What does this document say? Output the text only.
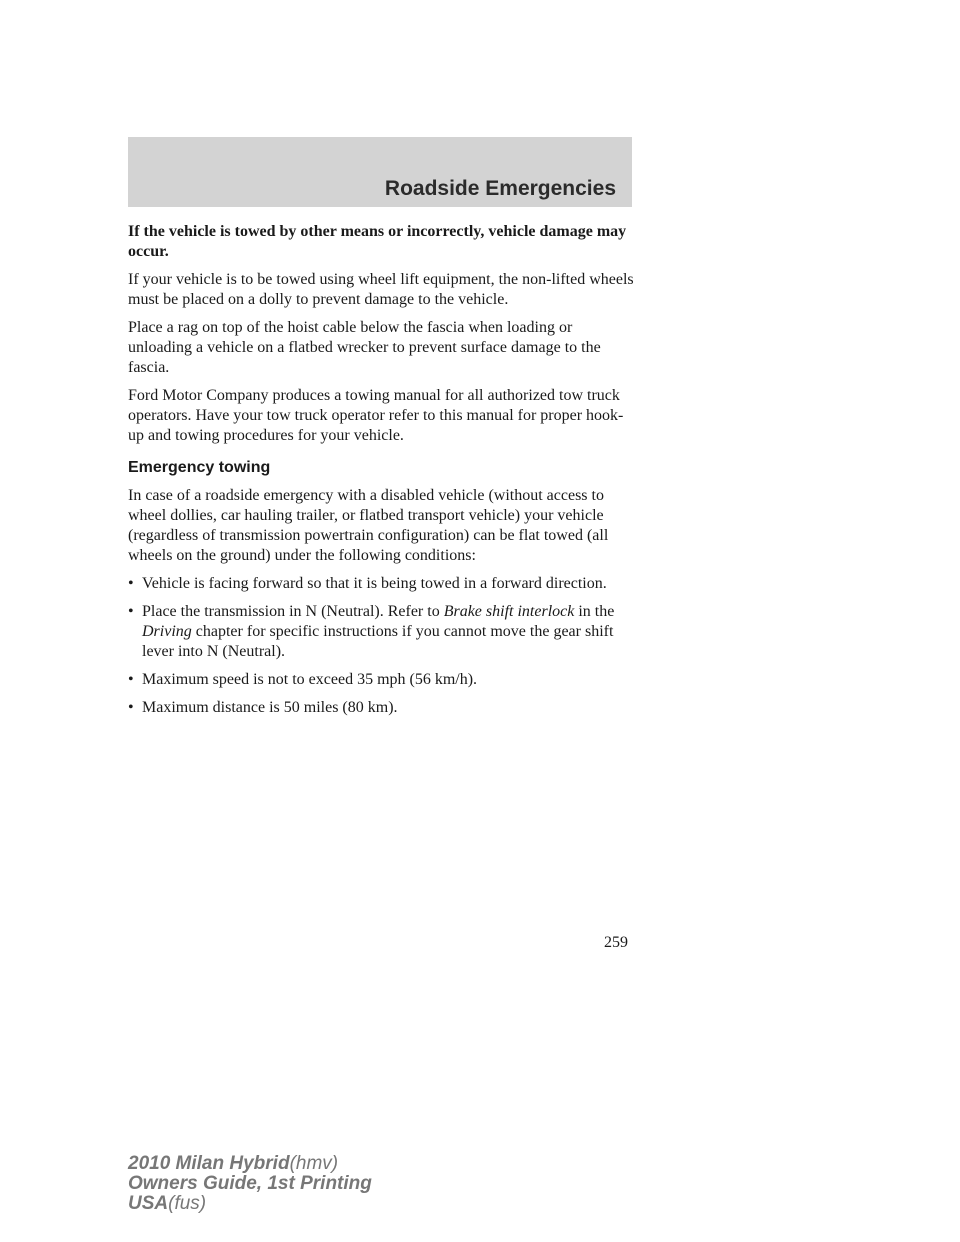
Roadside Emergencies

If the vehicle is towed by other means or incorrectly, vehicle damage may occur.

If your vehicle is to be towed using wheel lift equipment, the non-lifted wheels must be placed on a dolly to prevent damage to the vehicle.

Place a rag on top of the hoist cable below the fascia when loading or unloading a vehicle on a flatbed wrecker to prevent surface damage to the fascia.

Ford Motor Company produces a towing manual for all authorized tow truck operators. Have your tow truck operator refer to this manual for proper hook-up and towing procedures for your vehicle.

Emergency towing

In case of a roadside emergency with a disabled vehicle (without access to wheel dollies, car hauling trailer, or flatbed transport vehicle) your vehicle (regardless of transmission powertrain configuration) can be flat towed (all wheels on the ground) under the following conditions:

• Vehicle is facing forward so that it is being towed in a forward direction.
• Place the transmission in N (Neutral). Refer to Brake shift interlock in the Driving chapter for specific instructions if you cannot move the gear shift lever into N (Neutral).
• Maximum speed is not to exceed 35 mph (56 km/h).
• Maximum distance is 50 miles (80 km).
259
2010 Milan Hybrid(hmv)
Owners Guide, 1st Printing
USA(fus)
